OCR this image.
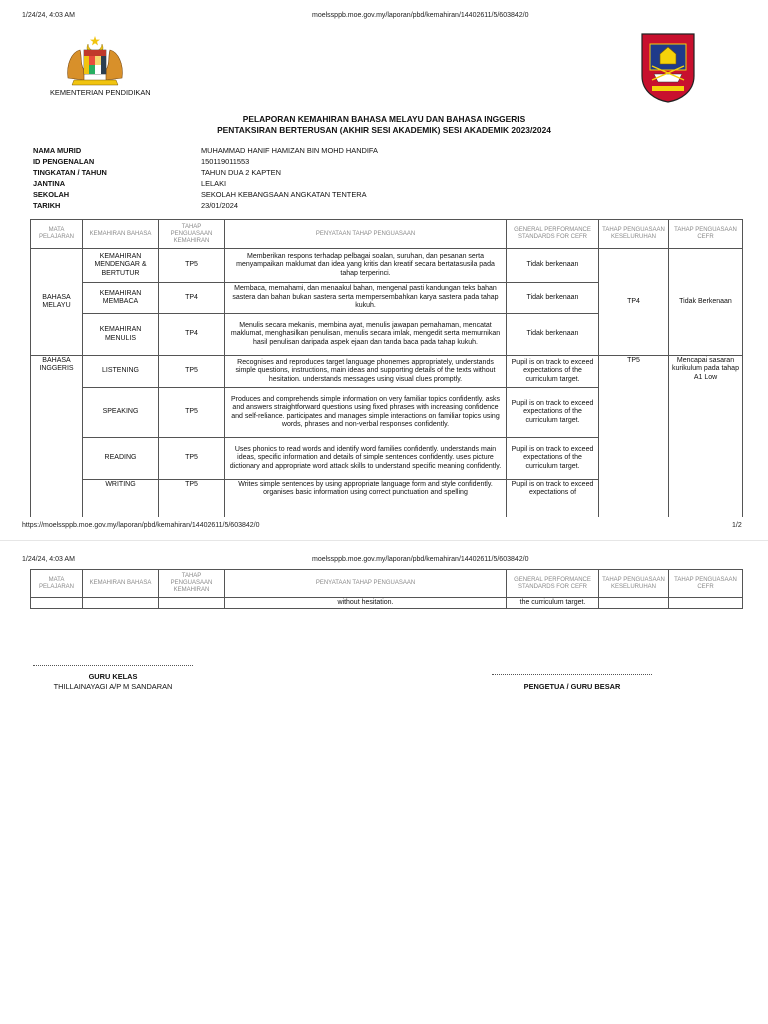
1/24/24, 4:03 AM	moelssppb.moe.gov.my/laporan/pbd/kemahiran/14402611/5/603842/0
KEMENTERIAN PENDIDIKAN
PELAPORAN KEMAHIRAN BAHASA MELAYU DAN BAHASA INGGERIS
PENTAKSIRAN BERTERUSAN (AKHIR SESI AKADEMIK) SESI AKADEMIK 2023/2024
NAMA MURID	MUHAMMAD HANIF HAMIZAN BIN MOHD HANDIFA
ID PENGENALAN	150119011553
TINGKATAN / TAHUN	TAHUN DUA 2 KAPTEN
JANTINA	LELAKI
SEKOLAH	SEKOLAH KEBANGSAAN ANGKATAN TENTERA
TARIKH	23/01/2024
MATA PELAJARAN	KEMAHIRAN BAHASA	TAHAP PENGUASAAN KEMAHIRAN	PENYATAAN TAHAP PENGUASAAN	GENERAL PERFORMANCE STANDARDS FOR CEFR	TAHAP PENGUASAAN KESELURUHAN	TAHAP PENGUASAAN CEFR
BAHASA MELAYU	KEMAHIRAN MENDENGAR & BERTUTUR	TP5	Memberikan respons terhadap pelbagai soalan, suruhan, dan pesanan serta menyampaikan maklumat dan idea yang kritis dan kreatif secara bertatasusila pada tahap terperinci.	Tidak berkenaan	TP4	Tidak Berkenaan
	KEMAHIRAN MEMBACA	TP4	Membaca, memahami, dan menaakul bahan, mengenal pasti kandungan teks bahan sastera dan bahan bukan sastera serta mempersembahkan karya sastera pada tahap kukuh.	Tidak berkenaan		
	KEMAHIRAN MENULIS	TP4	Menulis secara mekanis, membina ayat, menulis jawapan pemahaman, mencatat maklumat, menghasilkan penulisan, menulis secara imlak, mengedit serta memurnikan hasil penulisan daripada aspek ejaan dan tanda baca pada tahap kukuh.	Tidak berkenaan		
BAHASA INGGERIS	LISTENING	TP5	Recognises and reproduces target language phonemes appropriately, understands simple questions, instructions, main ideas and supporting details of the texts without hesitation. understands messages using visual clues promptly.	Pupil is on track to exceed expectations of the curriculum target.	TP5	Mencapai sasaran kurikulum pada tahap A1 Low
	SPEAKING	TP5	Produces and comprehends simple information on very familiar topics confidently. asks and answers straightforward questions using fixed phrases with increasing confidence and self-reliance. participates and manages simple interactions on familiar topics using words, phrases and non-verbal responses confidently.	Pupil is on track to exceed expectations of the curriculum target.		
	READING	TP5	Uses phonics to read words and identify word families confidently. understands main ideas, specific information and details of simple sentences confidently. uses picture dictionary and appropriate word attack skills to understand specific meaning confidently.	Pupil is on track to exceed expectations of the curriculum target.		
	WRITING	TP5	Writes simple sentences by using appropriate language form and style confidently. organises basic information using correct punctuation and spelling	Pupil is on track to exceed expectations of		
https://moelssppb.moe.gov.my/laporan/pbd/kemahiran/14402611/5/603842/0	1/2
1/24/24, 4:03 AM	moelssppb.moe.gov.my/laporan/pbd/kemahiran/14402611/5/603842/0
MATA PELAJARAN	KEMAHIRAN BAHASA	TAHAP PENGUASAAN KEMAHIRAN	PENYATAAN TAHAP PENGUASAAN	GENERAL PERFORMANCE STANDARDS FOR CEFR	TAHAP PENGUASAAN KESELURUHAN	TAHAP PENGUASAAN CEFR
			without hesitation.	the curriculum target.		
GURU KELAS
THILLAINAYAGI A/P M SANDARAN	PENGETUA / GURU BESAR
